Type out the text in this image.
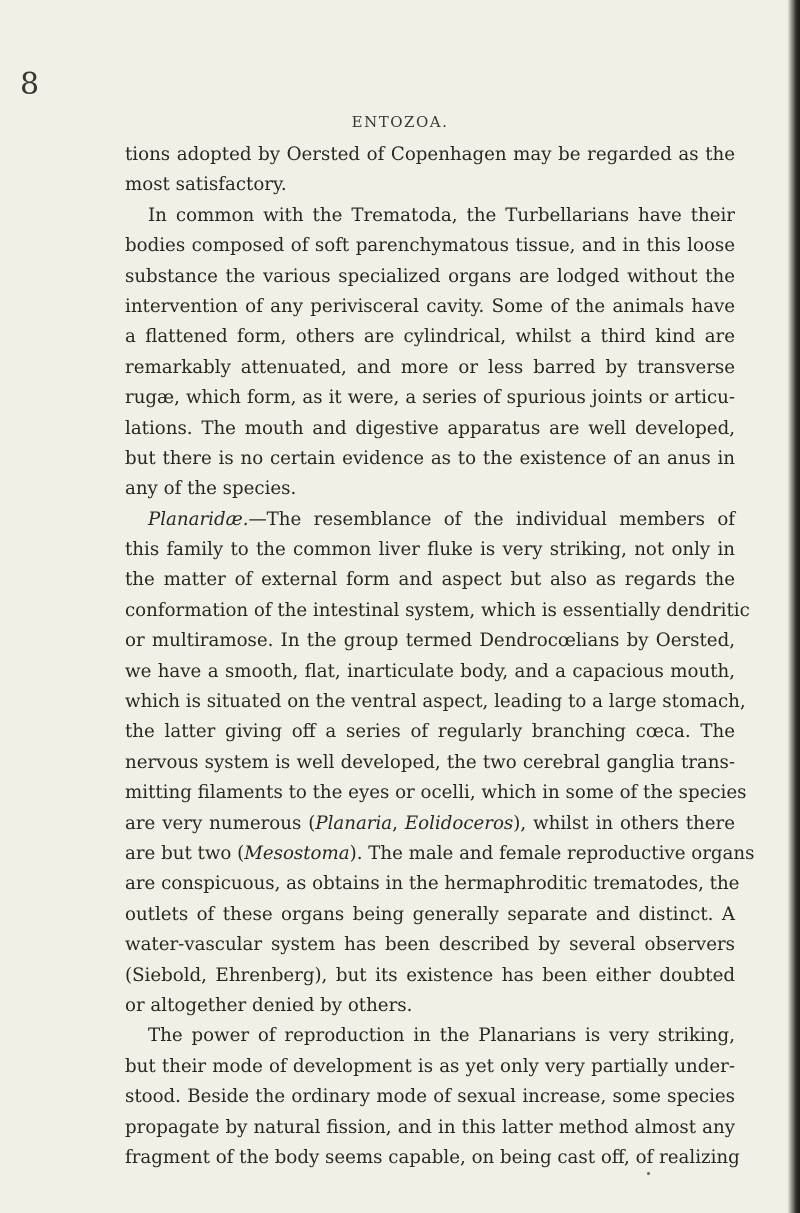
8
ENTOZOA.
tions adopted by Oersted of Copenhagen may be regarded as the
most satisfactory.
In common with the Trematoda, the Turbellarians have their
bodies composed of soft parenchymatous tissue, and in this loose
substance the various specialized organs are lodged without the
intervention of any perivisceral cavity. Some of the animals have
a flattened form, others are cylindrical, whilst a third kind are
remarkably attenuated, and more or less barred by transverse
rugæ, which form, as it were, a series of spurious joints or articu-
lations. The mouth and digestive apparatus are well developed,
but there is no certain evidence as to the existence of an anus in
any of the species.
Planaridæ.—The resemblance of the individual members of
this family to the common liver fluke is very striking, not only in
the matter of external form and aspect but also as regards the
conformation of the intestinal system, which is essentially dendritic
or multiramose. In the group termed Dendrocœlians by Oersted,
we have a smooth, flat, inarticulate body, and a capacious mouth,
which is situated on the ventral aspect, leading to a large stomach,
the latter giving off a series of regularly branching cœca. The
nervous system is well developed, the two cerebral ganglia trans-
mitting filaments to the eyes or ocelli, which in some of the species
are very numerous (Planaria, Eolidoceros), whilst in others there
are but two (Mesostoma). The male and female reproductive organs
are conspicuous, as obtains in the hermaphroditic trematodes, the
outlets of these organs being generally separate and distinct. A
water-vascular system has been described by several observers
(Siebold, Ehrenberg), but its existence has been either doubted
or altogether denied by others.
The power of reproduction in the Planarians is very striking,
but their mode of development is as yet only very partially under-
stood. Beside the ordinary mode of sexual increase, some species
propagate by natural fission, and in this latter method almost any
fragment of the body seems capable, on being cast off, of realizing
